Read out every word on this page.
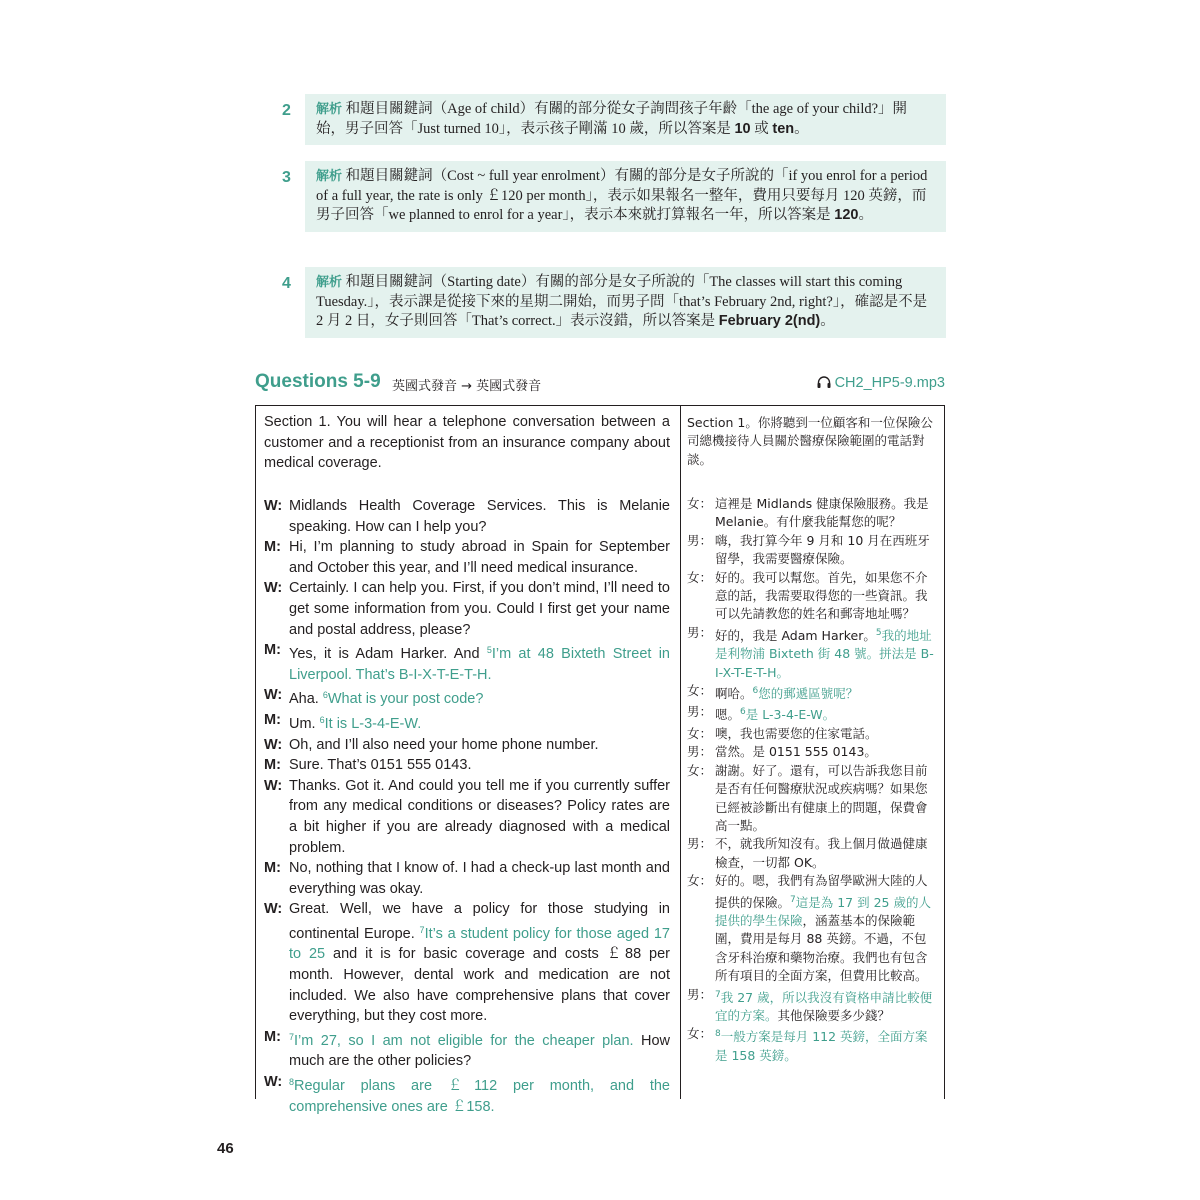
2	解析 和題目關鍵詞（Age of child）有關的部分從女子詢問孩子年齡「the age of your child?」開始，男子回答「Just turned 10」，表示孩子剛滿 10 歲，所以答案是 10 或 ten。
3	解析 和題目關鍵詞（Cost ~ full year enrolment）有關的部分是女子所說的「if you enrol for a period of a full year, the rate is only ￡120 per month」，表示如果報名一整年，費用只要每月 120 英鎊，而男子回答「we planned to enrol for a year」，表示本來就打算報名一年，所以答案是 120。
4	解析 和題目關鍵詞（Starting date）有關的部分是女子所說的「The classes will start this coming Tuesday.」，表示課是從接下來的星期二開始，而男子問「that’s February 2nd, right?」，確認是不是 2 月 2 日，女子則回答「That’s correct.」表示沒錯，所以答案是 February 2(nd)。
Questions 5-9 英國式發音 → 英國式發音	CH2_HP5-9.mp3
Section 1. You will hear a telephone conversation between a customer and a receptionist from an insurance company about medical coverage.
W: Midlands Health Coverage Services. This is Melanie speaking. How can I help you?
M: Hi, I’m planning to study abroad in Spain for September and October this year, and I’ll need medical insurance.
W: Certainly. I can help you. First, if you don’t mind, I’ll need to get some information from you. Could I first get your name and postal address, please?
M: Yes, it is Adam Harker. And $^5$I’m at 48 Bixteth Street in Liverpool. That’s B-I-X-T-E-T-H.
W: Aha. $^6$What is your post code?
M: Um. $^6$It is L-3-4-E-W.
W: Oh, and I’ll also need your home phone number.
M: Sure. That’s 0151 555 0143.
W: Thanks. Got it. And could you tell me if you currently suffer from any medical conditions or diseases? Policy rates are a bit higher if you are already diagnosed with a medical problem.
M: No, nothing that I know of. I had a check-up last month and everything was okay.
W: Great. Well, we have a policy for those studying in continental Europe. $^7$It’s a student policy for those aged 17 to 25 and it is for basic coverage and costs ￡88 per month. However, dental work and medication are not included. We also have comprehensive plans that cover everything, but they cost more.
M: $^7$I’m 27, so I am not eligible for the cheaper plan. How much are the other policies?
W: $^8$Regular plans are ￡112 per month, and the comprehensive ones are ￡158.
Section 1。你將聽到一位顧客和一位保險公司總機接待人員關於醫療保險範圍的電話對談。
女： 這裡是 Midlands 健康保險服務。我是 Melanie。有什麼我能幫您的呢？
男： 嗨，我打算今年 9 月和 10 月在西班牙留學，我需要醫療保險。
女： 好的。我可以幫您。首先，如果您不介意的話，我需要取得您的一些資訊。我可以先請教您的姓名和郵寄地址嗎？
男： 好的，我是 Adam Harker。$^5$我的地址是利物浦 Bixteth 街 48 號。拼法是 B-I-X-T-E-T-H。
女： 啊哈。$^6$您的郵遞區號呢？
男： 嗯。$^6$是 L-3-4-E-W。
女： 噢，我也需要您的住家電話。
男： 當然。是 0151 555 0143。
女： 謝謝。好了。還有，可以告訴我您目前是否有任何醫療狀況或疾病嗎？如果您已經被診斷出有健康上的問題，保費會高一點。
男： 不，就我所知沒有。我上個月做過健康檢查，一切都 OK。
女： 好的。嗯，我們有為留學歐洲大陸的人提供的保險。$^7$這是為 17 到 25 歲的人提供的學生保險，涵蓋基本的保險範圍，費用是每月 88 英鎊。不過，不包含牙科治療和藥物治療。我們也有包含所有項目的全面方案，但費用比較高。
男： $^7$我 27 歲，所以我沒有資格申請比較便宜的方案。其他保險要多少錢？
女： $^8$一般方案是每月 112 英鎊，全面方案是 158 英鎊。
46
